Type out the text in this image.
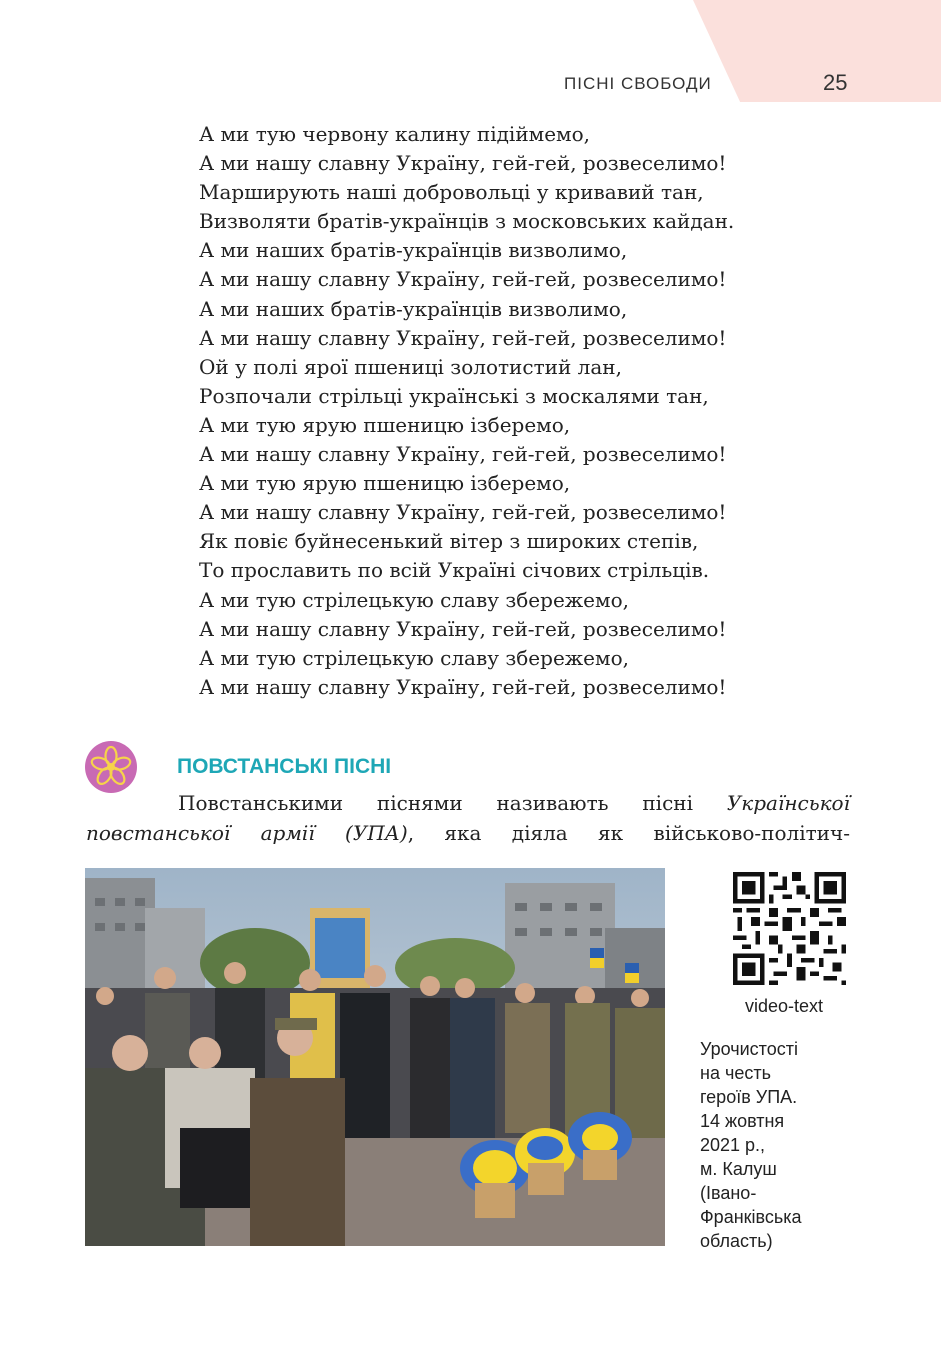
ПІСНІ СВОБОДИ	25
А ми тую червону калину підіймемо,
А ми нашу славну Україну, гей-гей, розвеселимо!
Марширують наші добровольці у кривавий тан,
Визволяти братів-українців з московських кайдан.
А ми наших братів-українців визволимо,
А ми нашу славну Україну, гей-гей, розвеселимо!
А ми наших братів-українців визволимо,
А ми нашу славну Україну, гей-гей, розвеселимо!
Ой у полі ярої пшениці золотистий лан,
Розпочали стрільці українські з москалями тан,
А ми тую ярую пшеницю ізберемо,
А ми нашу славну Україну, гей-гей, розвеселимо!
А ми тую ярую пшеницю ізберемо,
А ми нашу славну Україну, гей-гей, розвеселимо!
Як повіє буйнесенький вітер з широких степів,
То прославить по всій Україні січових стрільців.
А ми тую стрілецькую славу збережемо,
А ми нашу славну Україну, гей-гей, розвеселимо!
А ми тую стрілецькую славу збережемо,
А ми нашу славну Україну, гей-гей, розвеселимо!
ПОВСТАНСЬКІ ПІСНІ
Повстанськими піснями називають пісні Української
повстанської армії (УПА), яка діяла як військово-політич-
video-text
Урочистості
на честь
героїв УПА.
14 жовтня
2021 р.,
м. Калуш
(Івано-
Франківська
область)
